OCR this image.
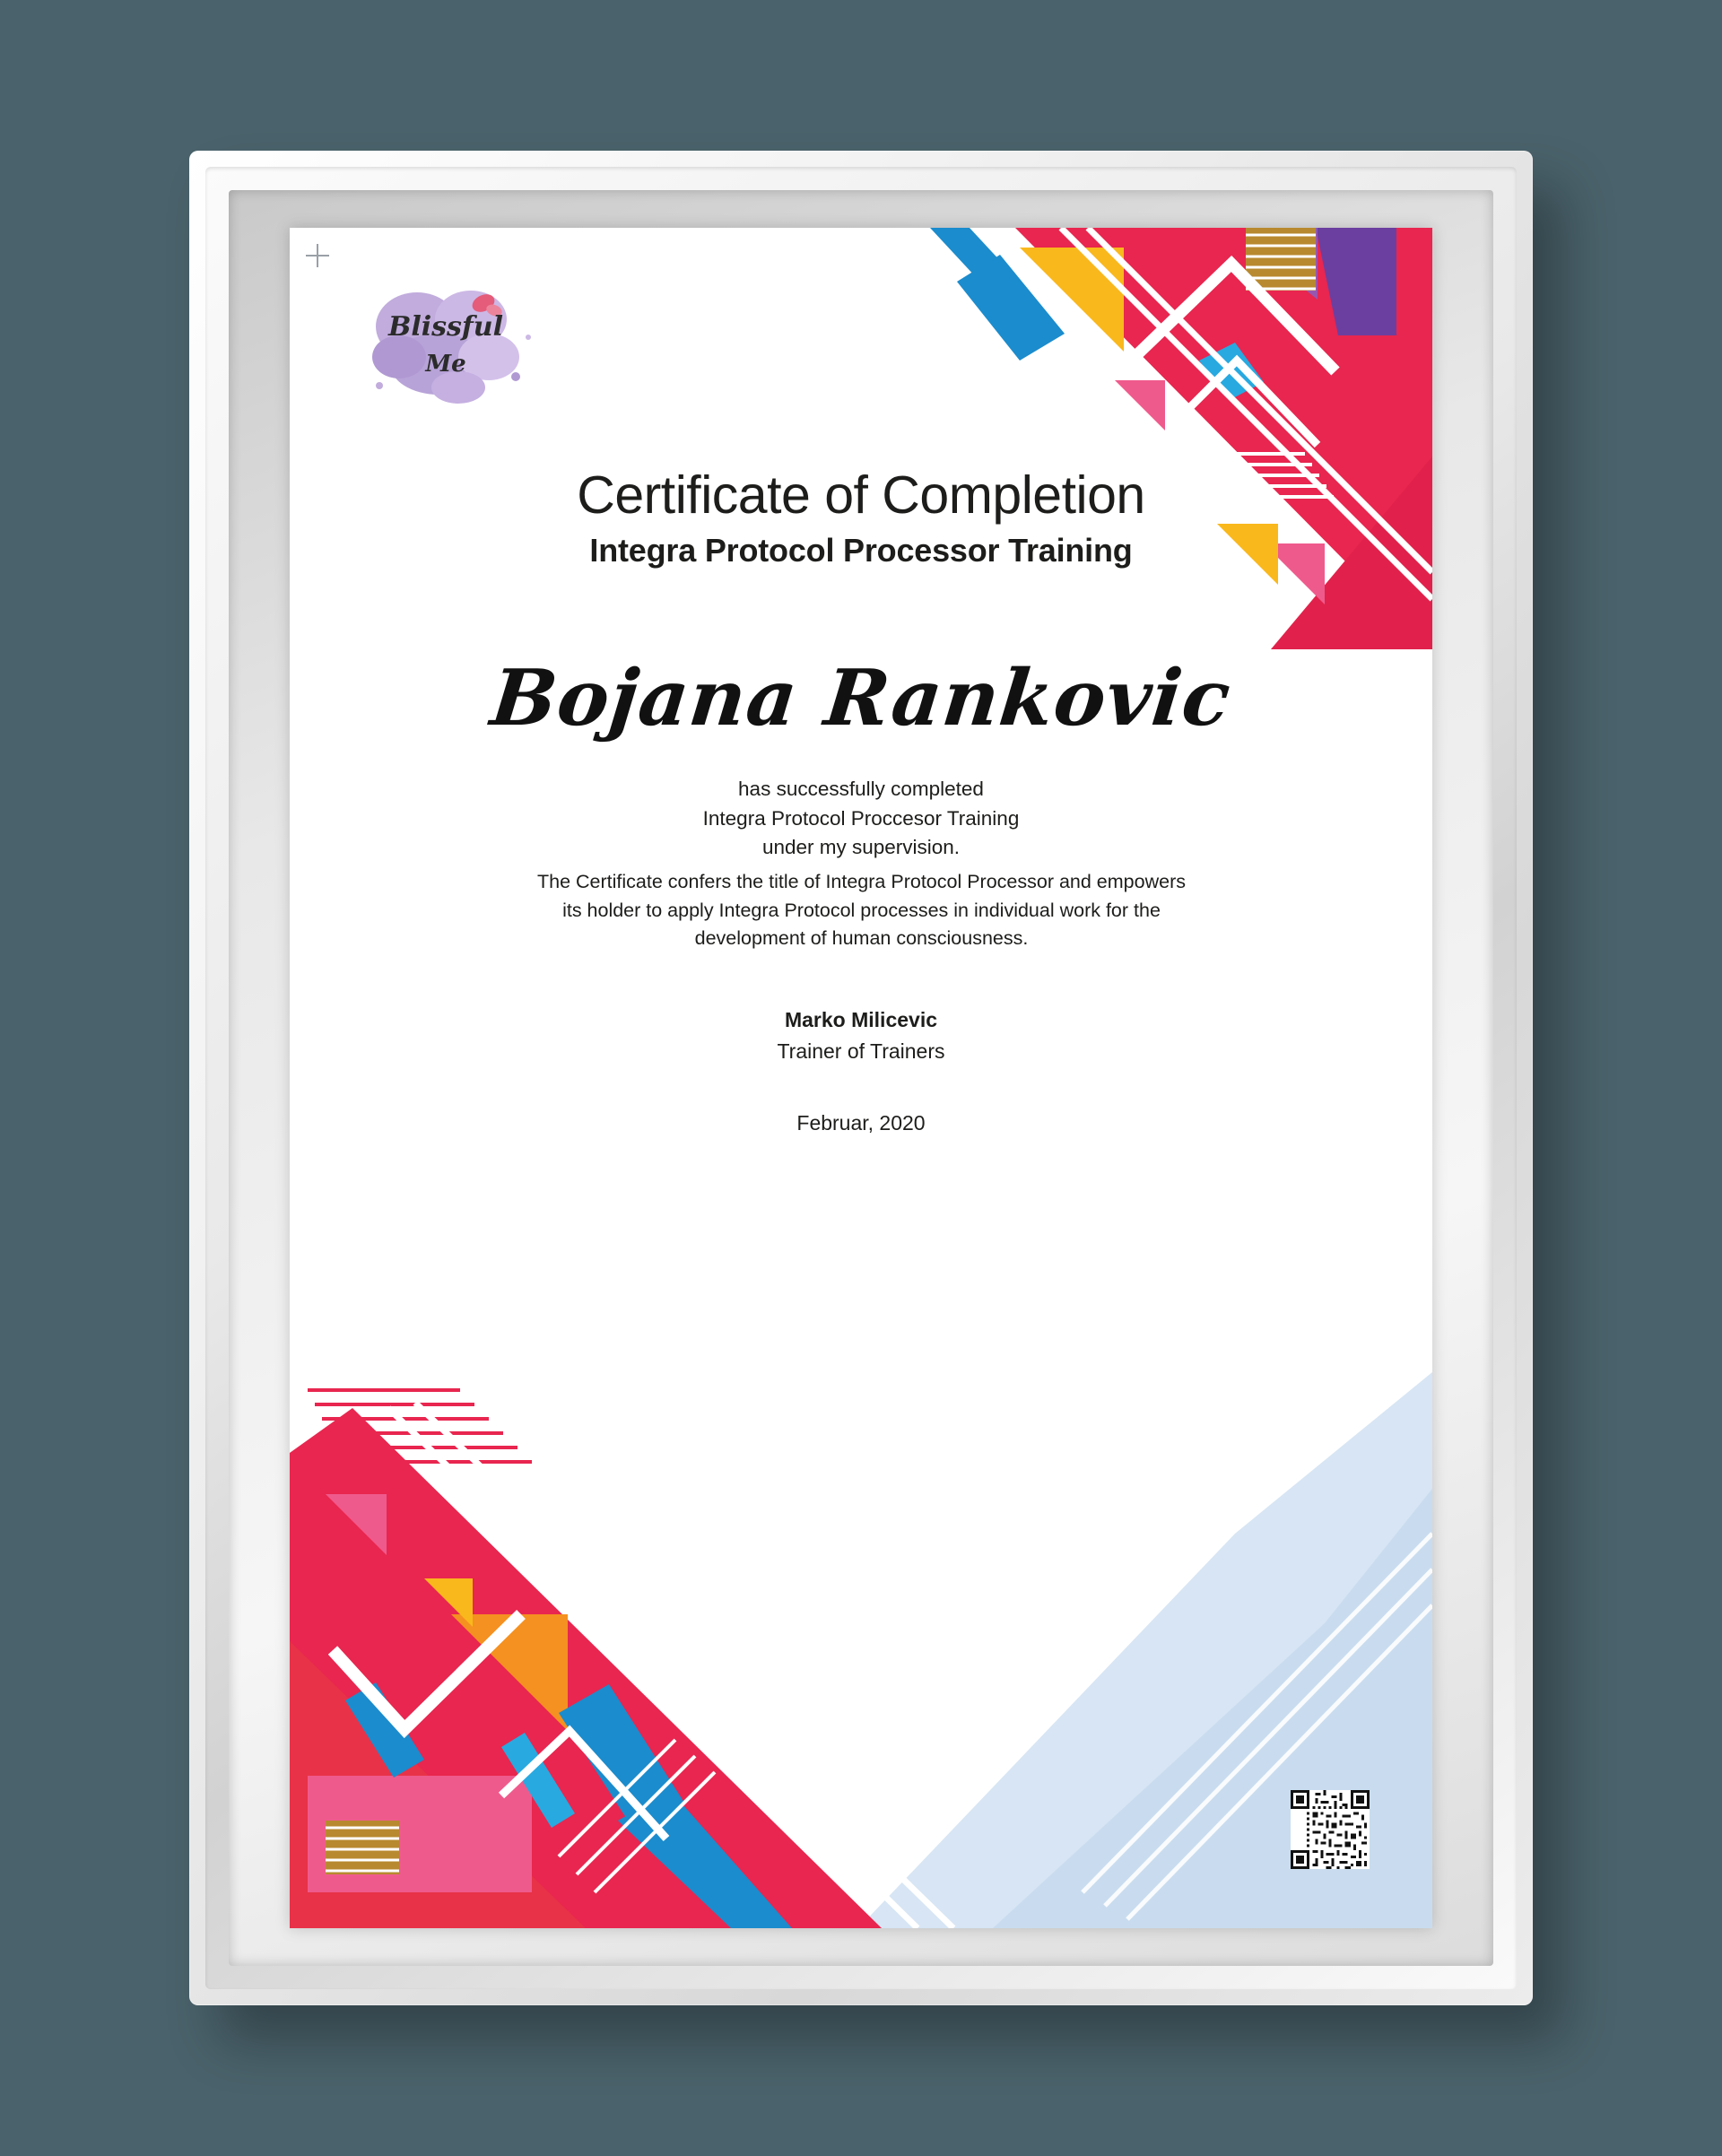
Blissful
Me
Certificate of Completion
Integra Protocol Processor Training
Bojana Rankovic
has successfully completed
Integra Protocol Proccesor Training
under my supervision.
The Certificate confers the title of Integra Protocol Processor and empowers its holder to apply Integra Protocol processes in individual work for the development of human consciousness.
Marko Milicevic
Trainer of Trainers
Februar, 2020
